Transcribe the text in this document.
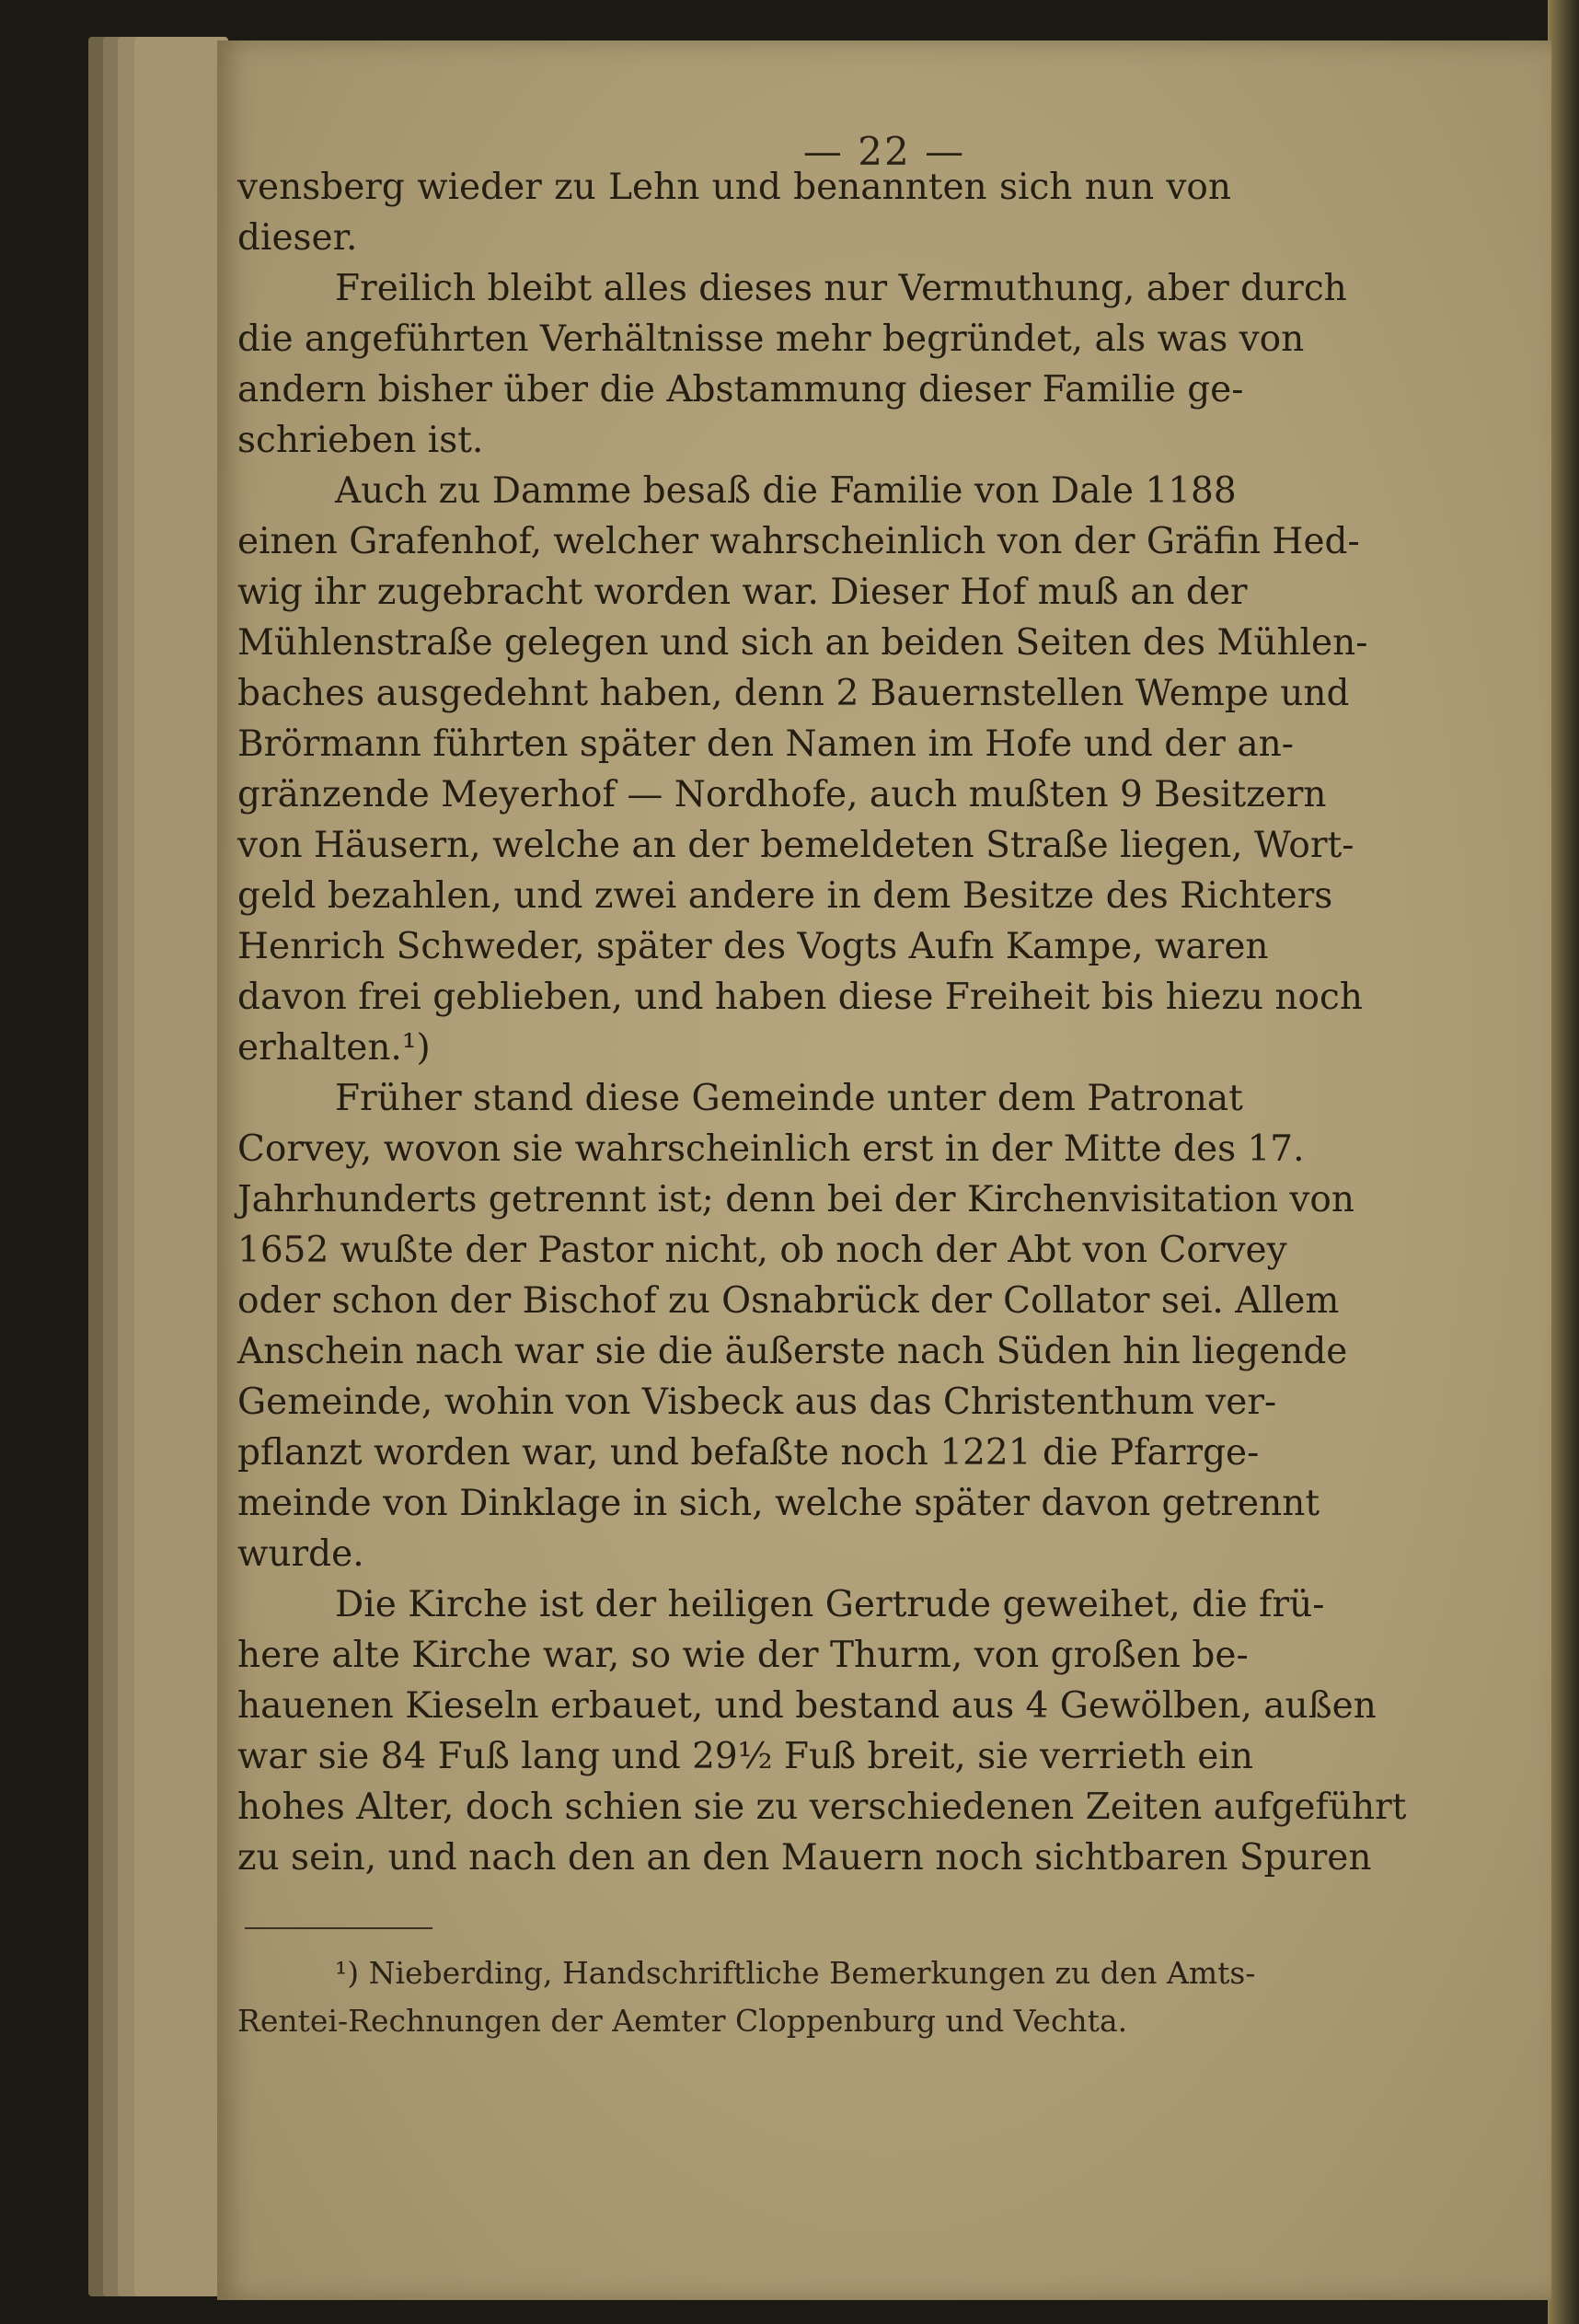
— 22 —
vensberg wieder zu Lehn und benannten sich nun von
dieser.
Freilich bleibt alles dieses nur Vermuthung, aber durch
die angeführten Verhältnisse mehr begründet, als was von
andern bisher über die Abstammung dieser Familie ge-
schrieben ist.
Auch zu Damme besaß die Familie von Dale 1188
einen Grafenhof, welcher wahrscheinlich von der Gräfin Hed-
wig ihr zugebracht worden war. Dieser Hof muß an der
Mühlenstraße gelegen und sich an beiden Seiten des Mühlen-
baches ausgedehnt haben, denn 2 Bauernstellen Wempe und
Brörmann führten später den Namen im Hofe und der an-
gränzende Meyerhof — Nordhofe, auch mußten 9 Besitzern
von Häusern, welche an der bemeldeten Straße liegen, Wort-
geld bezahlen, und zwei andere in dem Besitze des Richters
Henrich Schweder, später des Vogts Aufn Kampe, waren
davon frei geblieben, und haben diese Freiheit bis hiezu noch
erhalten.¹)
Früher stand diese Gemeinde unter dem Patronat
Corvey, wovon sie wahrscheinlich erst in der Mitte des 17.
Jahrhunderts getrennt ist; denn bei der Kirchenvisitation von
1652 wußte der Pastor nicht, ob noch der Abt von Corvey
oder schon der Bischof zu Osnabrück der Collator sei. Allem
Anschein nach war sie die äußerste nach Süden hin liegende
Gemeinde, wohin von Visbeck aus das Christenthum ver-
pflanzt worden war, und befaßte noch 1221 die Pfarrge-
meinde von Dinklage in sich, welche später davon getrennt
wurde.
Die Kirche ist der heiligen Gertrude geweihet, die frü-
here alte Kirche war, so wie der Thurm, von großen be-
hauenen Kieseln erbauet, und bestand aus 4 Gewölben, außen
war sie 84 Fuß lang und 29½ Fuß breit, sie verrieth ein
hohes Alter, doch schien sie zu verschiedenen Zeiten aufgeführt
zu sein, und nach den an den Mauern noch sichtbaren Spuren
¹) Nieberding, Handschriftliche Bemerkungen zu den Amts-
Rentei-Rechnungen der Aemter Cloppenburg und Vechta.
